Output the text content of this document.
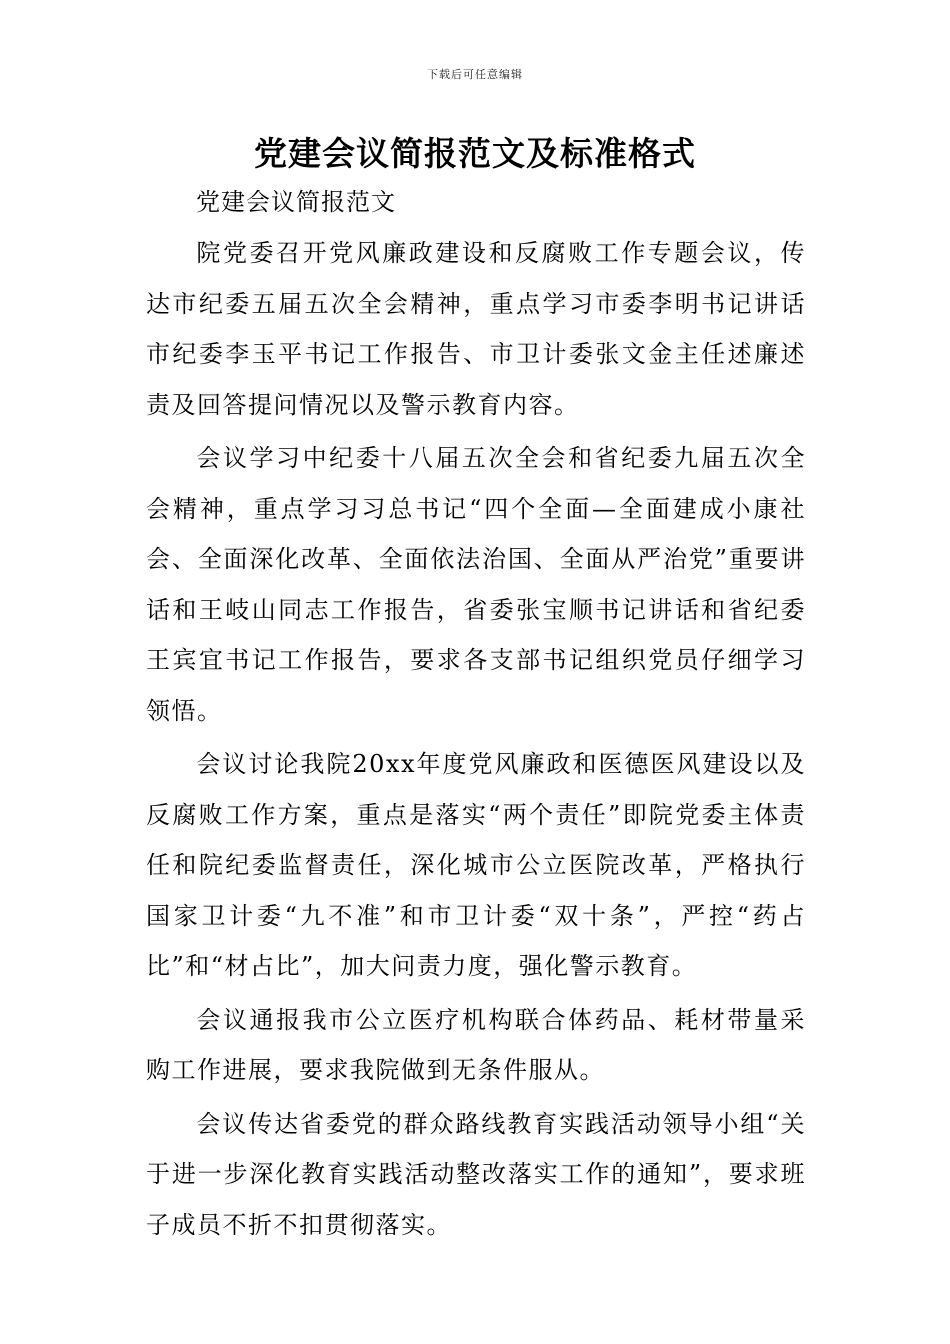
下载后可任意编辑
党建会议简报范文及标准格式

党建会议简报范文

院党委召开党风廉政建设和反腐败工作专题会议，传达市纪委五届五次全会精神，重点学习市委李明书记讲话市纪委李玉平书记工作报告、市卫计委张文金主任述廉述责及回答提问情况以及警示教育内容。

会议学习中纪委十八届五次全会和省纪委九届五次全会精神，重点学习习总书记“四个全面—全面建成小康社会、全面深化改革、全面依法治国、全面从严治党”重要讲话和王岐山同志工作报告，省委张宝顺书记讲话和省纪委王宾宜书记工作报告，要求各支部书记组织党员仔细学习领悟。

会议讨论我院20xx年度党风廉政和医德医风建设以及反腐败工作方案，重点是落实“两个责任”即院党委主体责任和院纪委监督责任，深化城市公立医院改革，严格执行国家卫计委“九不准”和市卫计委“双十条”，严控“药占比”和“材占比”，加大问责力度，强化警示教育。

会议通报我市公立医疗机构联合体药品、耗材带量采购工作进展，要求我院做到无条件服从。

会议传达省委党的群众路线教育实践活动领导小组“关于进一步深化教育实践活动整改落实工作的通知”，要求班子成员不折不扣贯彻落实。
